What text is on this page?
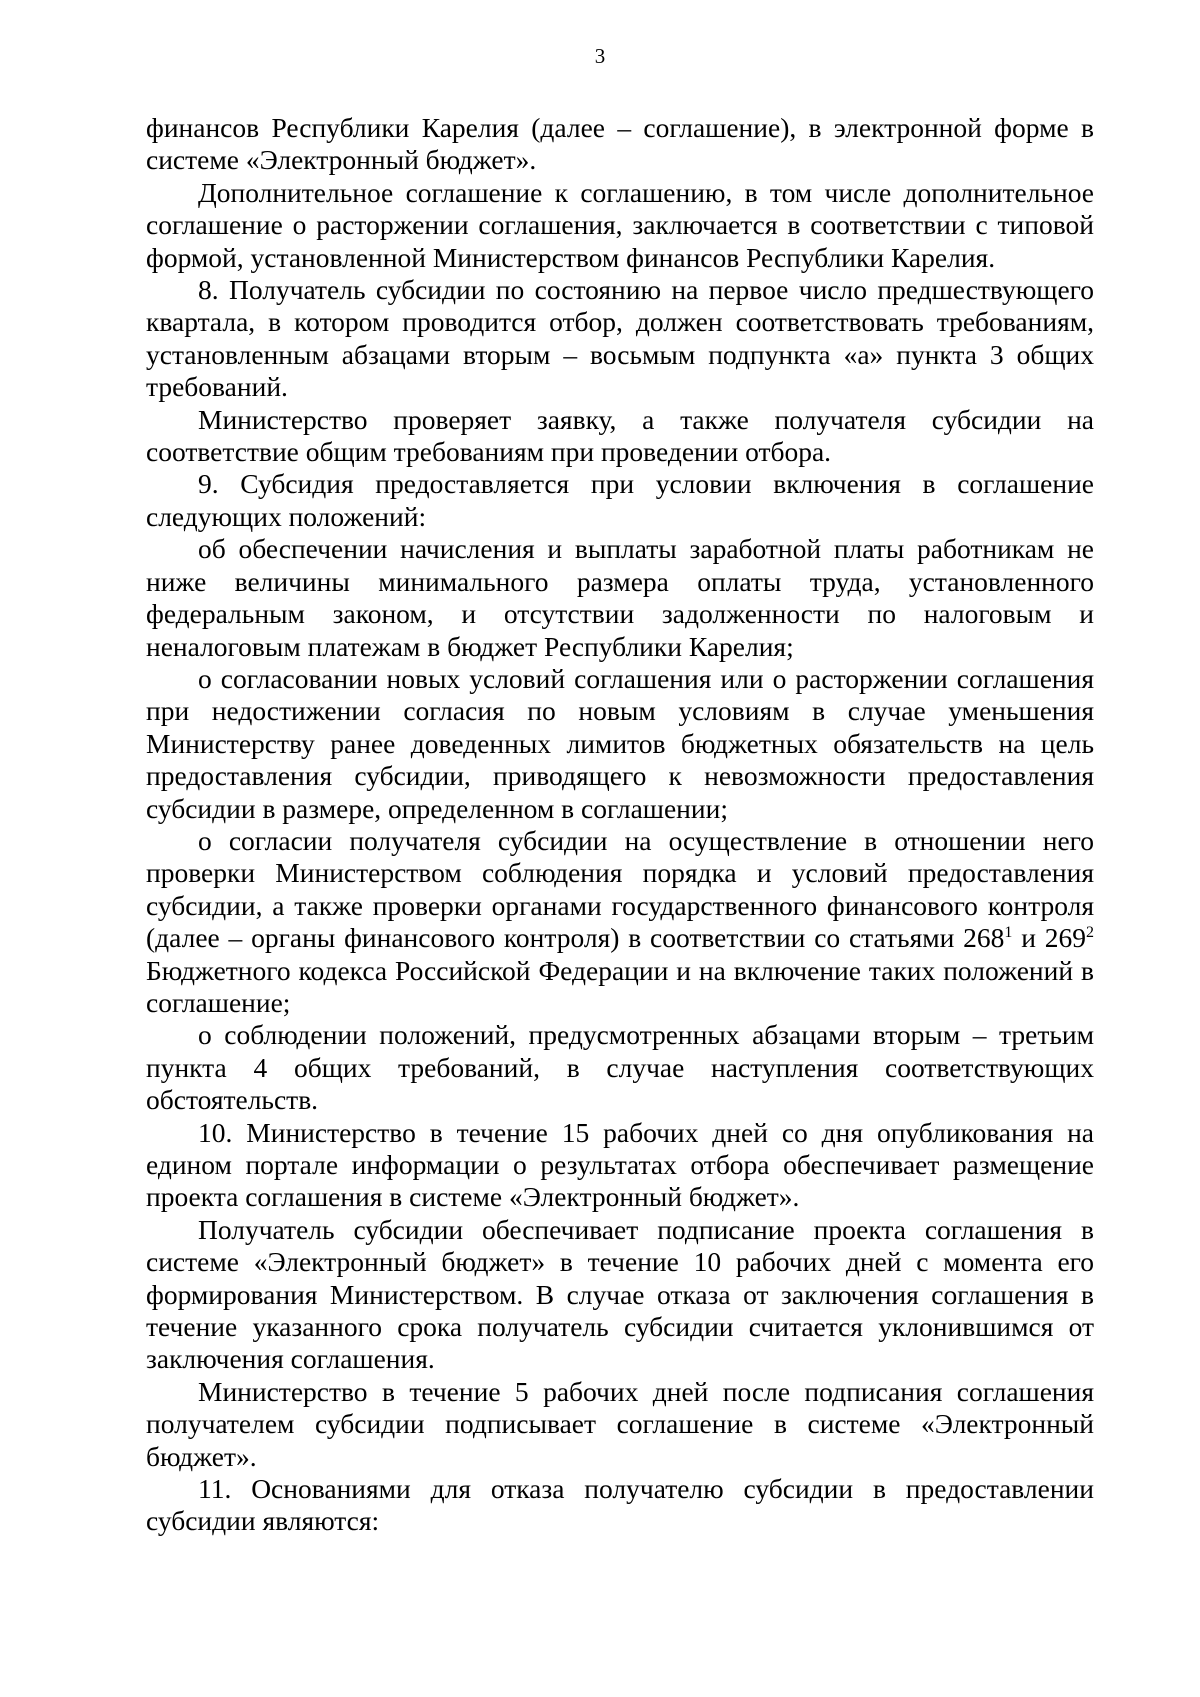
3

финансов Республики Карелия (далее – соглашение), в электронной форме в системе «Электронный бюджет».

Дополнительное соглашение к соглашению, в том числе дополнительное соглашение о расторжении соглашения, заключается в соответствии с типовой формой, установленной Министерством финансов Республики Карелия.

8. Получатель субсидии по состоянию на первое число предшествующего квартала, в котором проводится отбор, должен соответствовать требованиям, установленным абзацами вторым – восьмым подпункта «а» пункта 3 общих требований.

Министерство проверяет заявку, а также получателя субсидии на соответствие общим требованиям при проведении отбора.

9. Субсидия предоставляется при условии включения в соглашение следующих положений:

об обеспечении начисления и выплаты заработной платы работникам не ниже величины минимального размера оплаты труда, установленного федеральным законом, и отсутствии задолженности по налоговым и неналоговым платежам в бюджет Республики Карелия;

о согласовании новых условий соглашения или о расторжении соглашения при недостижении согласия по новым условиям в случае уменьшения Министерству ранее доведенных лимитов бюджетных обязательств на цель предоставления субсидии, приводящего к невозможности предоставления субсидии в размере, определенном в соглашении;

о согласии получателя субсидии на осуществление в отношении него проверки Министерством соблюдения порядка и условий предоставления субсидии, а также проверки органами государственного финансового контроля (далее – органы финансового контроля) в соответствии со статьями $268^1$ и $269^2$ Бюджетного кодекса Российской Федерации и на включение таких положений в соглашение;

о соблюдении положений, предусмотренных абзацами вторым – третьим пункта 4 общих требований, в случае наступления соответствующих обстоятельств.

10. Министерство в течение 15 рабочих дней со дня опубликования на едином портале информации о результатах отбора обеспечивает размещение проекта соглашения в системе «Электронный бюджет».

Получатель субсидии обеспечивает подписание проекта соглашения в системе «Электронный бюджет» в течение 10 рабочих дней с момента его формирования Министерством. В случае отказа от заключения соглашения в течение указанного срока получатель субсидии считается уклонившимся от заключения соглашения.

Министерство в течение 5 рабочих дней после подписания соглашения получателем субсидии подписывает соглашение в системе «Электронный бюджет».

11. Основаниями для отказа получателю субсидии в предоставлении субсидии являются:
